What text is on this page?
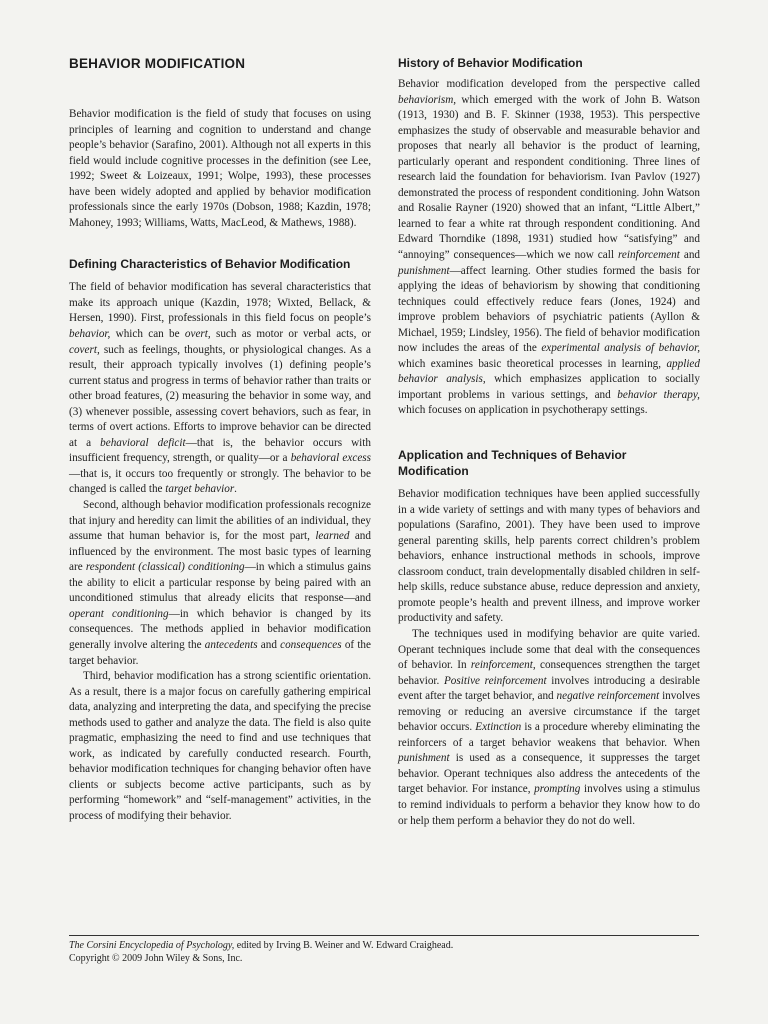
BEHAVIOR MODIFICATION

Behavior modification is the field of study that focuses on using principles of learning and cognition to understand and change people’s behavior (Sarafino, 2001). Although not all experts in this field would include cognitive processes in the definition (see Lee, 1992; Sweet & Loizeaux, 1991; Wolpe, 1993), these processes have been widely adopted and applied by behavior modification professionals since the early 1970s (Dobson, 1988; Kazdin, 1978; Mahoney, 1993; Williams, Watts, MacLeod, & Mathews, 1988).

Defining Characteristics of Behavior Modification

The field of behavior modification has several characteristics that make its approach unique (Kazdin, 1978; Wixted, Bellack, & Hersen, 1990). First, professionals in this field focus on people’s behavior, which can be overt, such as motor or verbal acts, or covert, such as feelings, thoughts, or physiological changes. As a result, their approach typically involves (1) defining people’s current status and progress in terms of behavior rather than traits or other broad features, (2) measuring the behavior in some way, and (3) whenever possible, assessing covert behaviors, such as fear, in terms of overt actions. Efforts to improve behavior can be directed at a behavioral deficit—that is, the behavior occurs with insufficient frequency, strength, or quality—or a behavioral excess—that is, it occurs too frequently or strongly. The behavior to be changed is called the target behavior.

Second, although behavior modification professionals recognize that injury and heredity can limit the abilities of an individual, they assume that human behavior is, for the most part, learned and influenced by the environment. The most basic types of learning are respondent (classical) conditioning—in which a stimulus gains the ability to elicit a particular response by being paired with an unconditioned stimulus that already elicits that response—and operant conditioning—in which behavior is changed by its consequences. The methods applied in behavior modification generally involve altering the antecedents and consequences of the target behavior.

Third, behavior modification has a strong scientific orientation. As a result, there is a major focus on carefully gathering empirical data, analyzing and interpreting the data, and specifying the precise methods used to gather and analyze the data. The field is also quite pragmatic, emphasizing the need to find and use techniques that work, as indicated by carefully conducted research. Fourth, behavior modification techniques for changing behavior often have clients or subjects become active participants, such as by performing “homework” and “self-management” activities, in the process of modifying their behavior.

History of Behavior Modification

Behavior modification developed from the perspective called behaviorism, which emerged with the work of John B. Watson (1913, 1930) and B. F. Skinner (1938, 1953). This perspective emphasizes the study of observable and measurable behavior and proposes that nearly all behavior is the product of learning, particularly operant and respondent conditioning. Three lines of research laid the foundation for behaviorism. Ivan Pavlov (1927) demonstrated the process of respondent conditioning. John Watson and Rosalie Rayner (1920) showed that an infant, “Little Albert,” learned to fear a white rat through respondent conditioning. And Edward Thorndike (1898, 1931) studied how “satisfying” and “annoying” consequences—which we now call reinforcement and punishment—affect learning. Other studies formed the basis for applying the ideas of behaviorism by showing that conditioning techniques could effectively reduce fears (Jones, 1924) and improve problem behaviors of psychiatric patients (Ayllon & Michael, 1959; Lindsley, 1956). The field of behavior modification now includes the areas of the experimental analysis of behavior, which examines basic theoretical processes in learning, applied behavior analysis, which emphasizes application to socially important problems in various settings, and behavior therapy, which focuses on application in psychotherapy settings.

Application and Techniques of Behavior Modification

Behavior modification techniques have been applied successfully in a wide variety of settings and with many types of behaviors and populations (Sarafino, 2001). They have been used to improve general parenting skills, help parents correct children’s problem behaviors, enhance instructional methods in schools, improve classroom conduct, train developmentally disabled children in self-help skills, reduce substance abuse, reduce depression and anxiety, promote people’s health and prevent illness, and improve worker productivity and safety.

The techniques used in modifying behavior are quite varied. Operant techniques include some that deal with the consequences of behavior. In reinforcement, consequences strengthen the target behavior. Positive reinforcement involves introducing a desirable event after the target behavior, and negative reinforcement involves removing or reducing an aversive circumstance if the target behavior occurs. Extinction is a procedure whereby eliminating the reinforcers of a target behavior weakens that behavior. When punishment is used as a consequence, it suppresses the target behavior. Operant techniques also address the antecedents of the target behavior. For instance, prompting involves using a stimulus to remind individuals to perform a behavior they know how to do or help them perform a behavior they do not do well.

The Corsini Encyclopedia of Psychology, edited by Irving B. Weiner and W. Edward Craighead.
Copyright © 2009 John Wiley & Sons, Inc.
